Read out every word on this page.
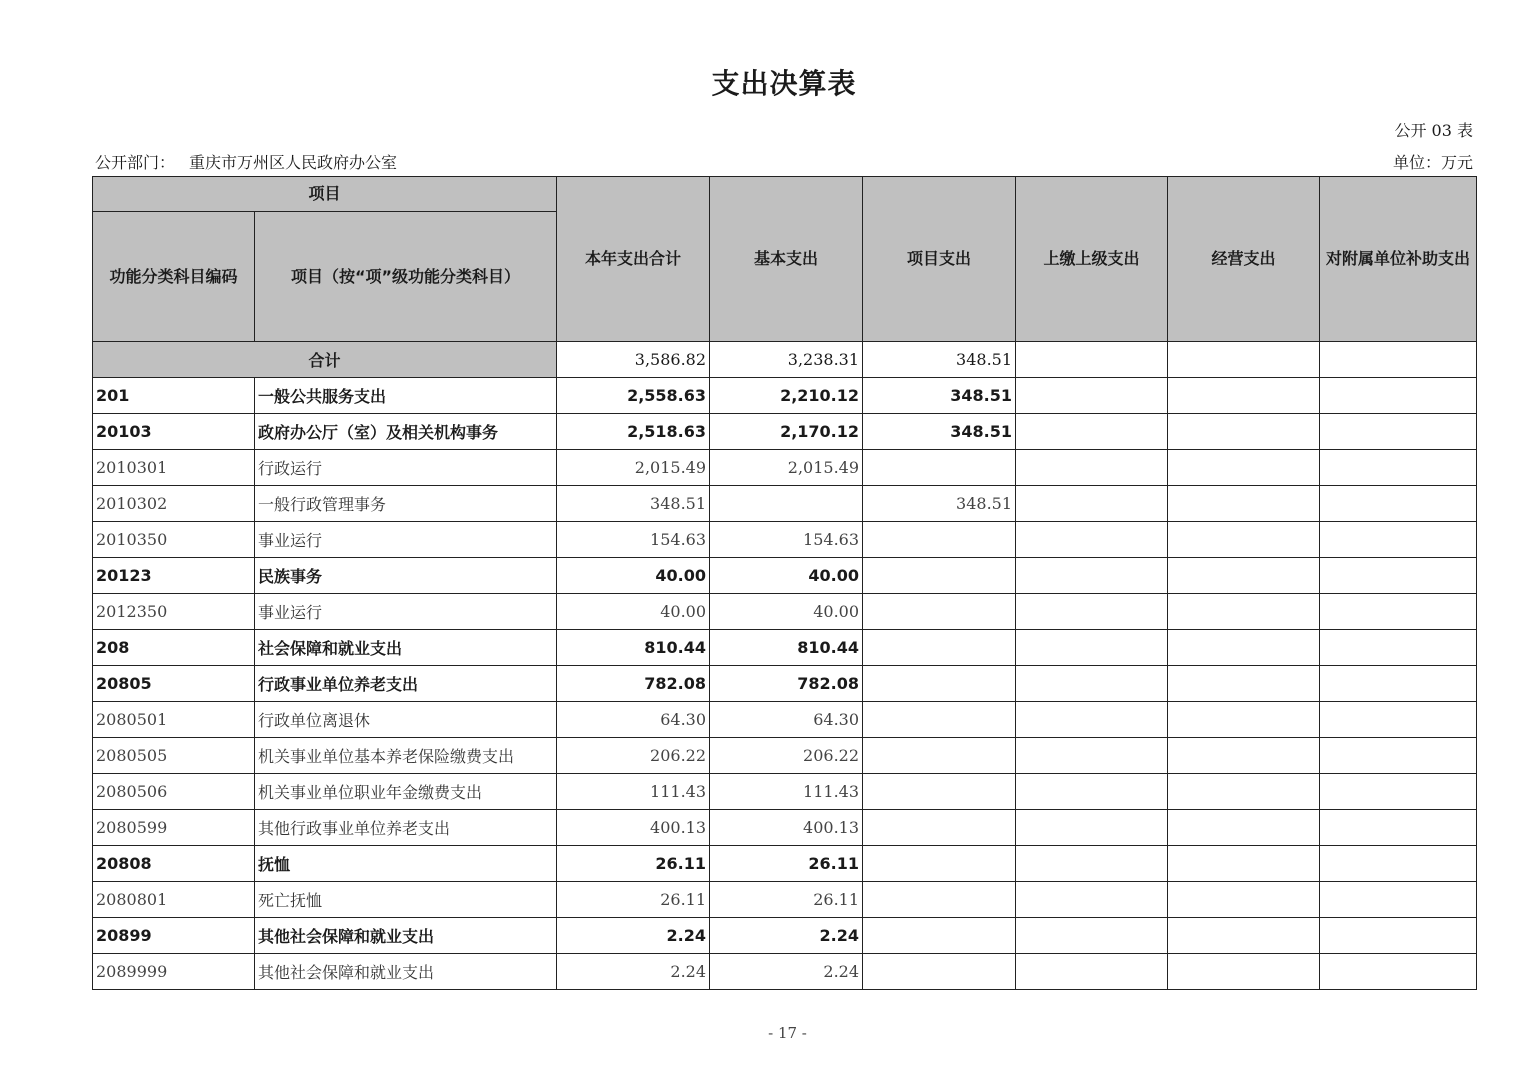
支出决算表
公开 03 表
公开部门： 重庆市万州区人民政府办公室	单位：万元
项目		本年支出合计	基本支出	项目支出	上缴上级支出	经营支出	对附属单位补助支出
功能分类科目编码	项目（按“项”级功能分类科目）						
合计		3,586.82	3,238.31	348.51			
201	一般公共服务支出	2,558.63	2,210.12	348.51			
20103	政府办公厅（室）及相关机构事务	2,518.63	2,170.12	348.51			
2010301	行政运行	2,015.49	2,015.49				
2010302	一般行政管理事务	348.51		348.51			
2010350	事业运行	154.63	154.63				
20123	民族事务	40.00	40.00				
2012350	事业运行	40.00	40.00				
208	社会保障和就业支出	810.44	810.44				
20805	行政事业单位养老支出	782.08	782.08				
2080501	行政单位离退休	64.30	64.30				
2080505	机关事业单位基本养老保险缴费支出	206.22	206.22				
2080506	机关事业单位职业年金缴费支出	111.43	111.43				
2080599	其他行政事业单位养老支出	400.13	400.13				
20808	抚恤	26.11	26.11				
2080801	死亡抚恤	26.11	26.11				
20899	其他社会保障和就业支出	2.24	2.24				
2089999	其他社会保障和就业支出	2.24	2.24				
- 17 -
